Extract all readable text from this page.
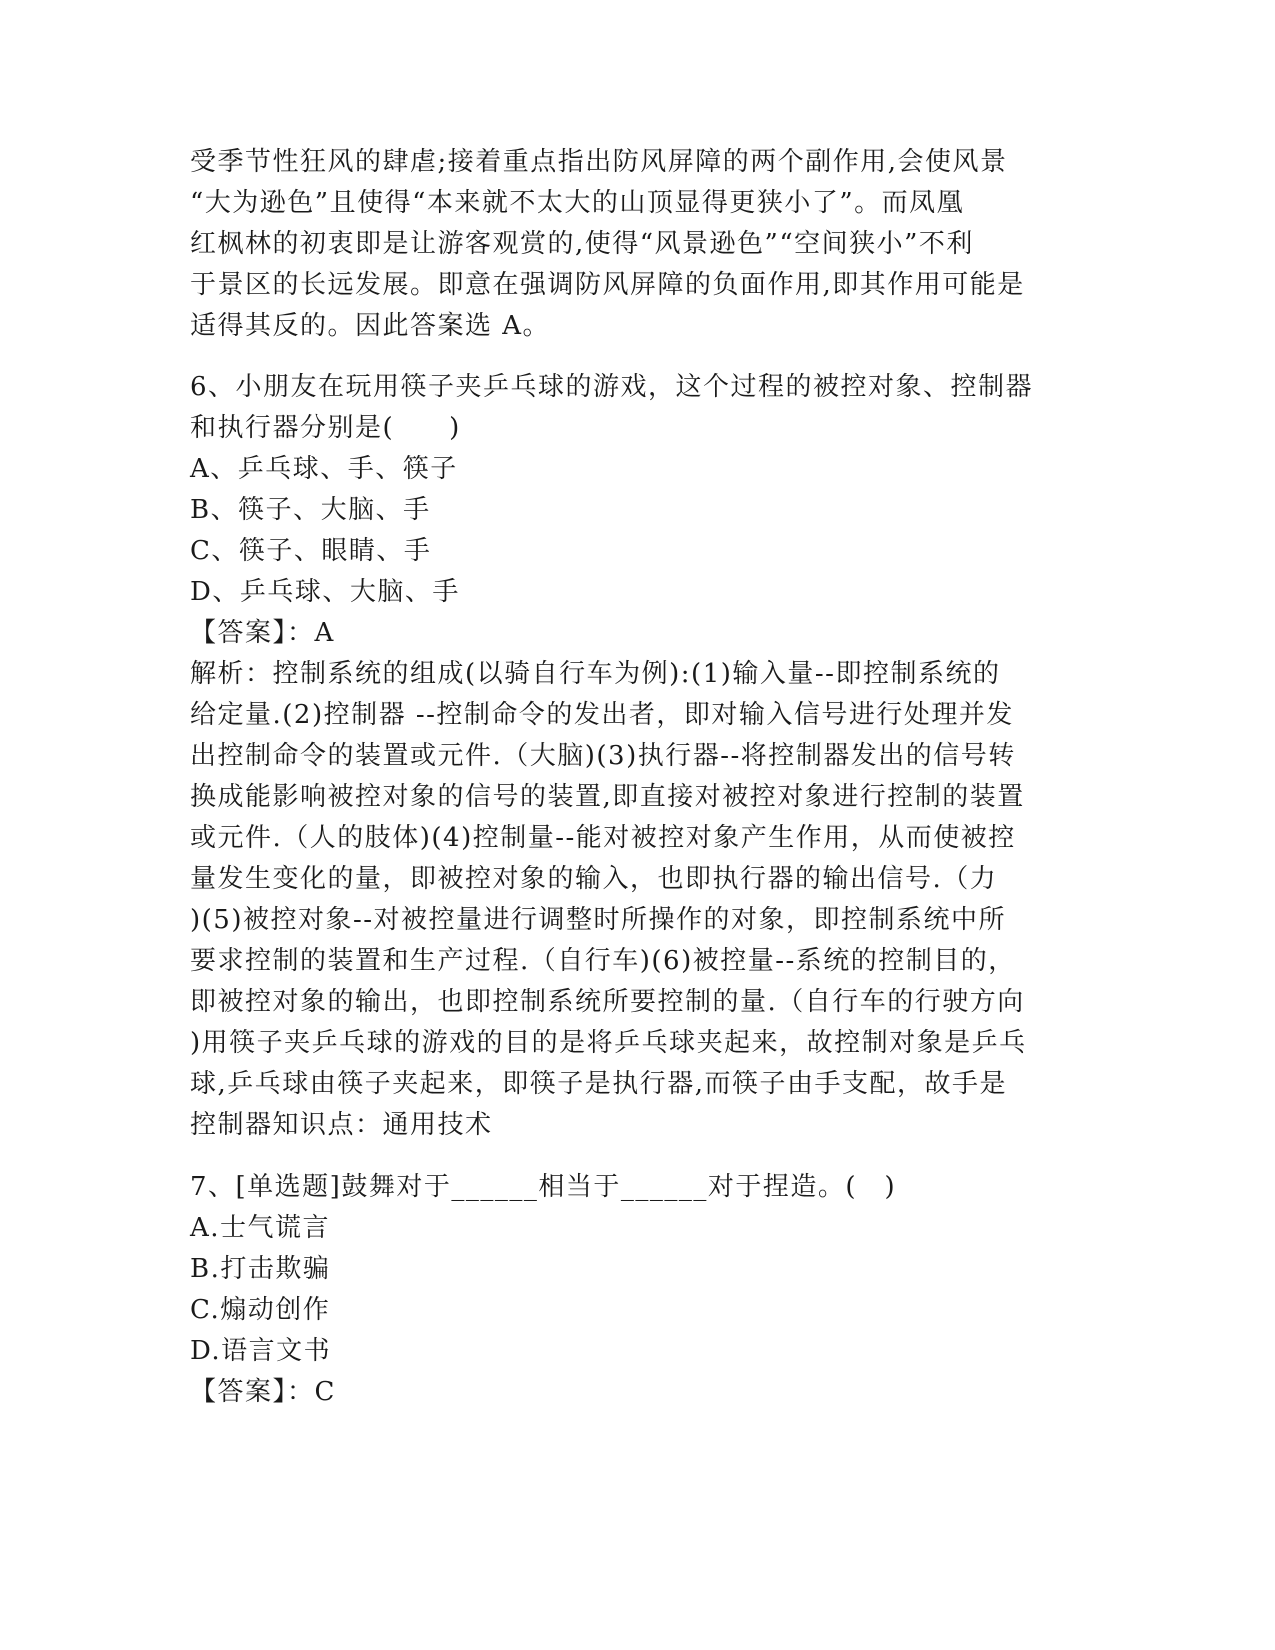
受季节性狂风的肆虐;接着重点指出防风屏障的两个副作用,会使风景
“大为逊色”且使得“本来就不太大的山顶显得更狭小了”。而凤凰
红枫林的初衷即是让游客观赏的,使得“风景逊色”“空间狭小”不利
于景区的长远发展。即意在强调防风屏障的负面作用,即其作用可能是
适得其反的。因此答案选 A。
6、小朋友在玩用筷子夹乒乓球的游戏，这个过程的被控对象、控制器
和执行器分别是(　　)
A、乒乓球、手、筷子
B、筷子、大脑、手
C、筷子、眼睛、手
D、乒乓球、大脑、手
【答案】：A
解析：控制系统的组成(以骑自行车为例):(1)输入量--即控制系统的
给定量.(2)控制器 --控制命令的发出者，即对输入信号进行处理并发
出控制命令的装置或元件.（大脑)(3)执行器--将控制器发出的信号转
换成能影响被控对象的信号的装置,即直接对被控对象进行控制的装置
或元件.（人的肢体)(4)控制量--能对被控对象产生作用，从而使被控
量发生变化的量，即被控对象的输入，也即执行器的输出信号.（力
)(5)被控对象--对被控量进行调整时所操作的对象，即控制系统中所
要求控制的装置和生产过程.（自行车)(6)被控量--系统的控制目的，
即被控对象的输出，也即控制系统所要控制的量.（自行车的行驶方向
)用筷子夹乒乓球的游戏的目的是将乒乓球夹起来，故控制对象是乒乓
球,乒乓球由筷子夹起来，即筷子是执行器,而筷子由手支配，故手是
控制器知识点：通用技术
7、[单选题]鼓舞对于______相当于______对于捏造。(　)
A.士气谎言
B.打击欺骗
C.煽动创作
D.语言文书
【答案】：C
